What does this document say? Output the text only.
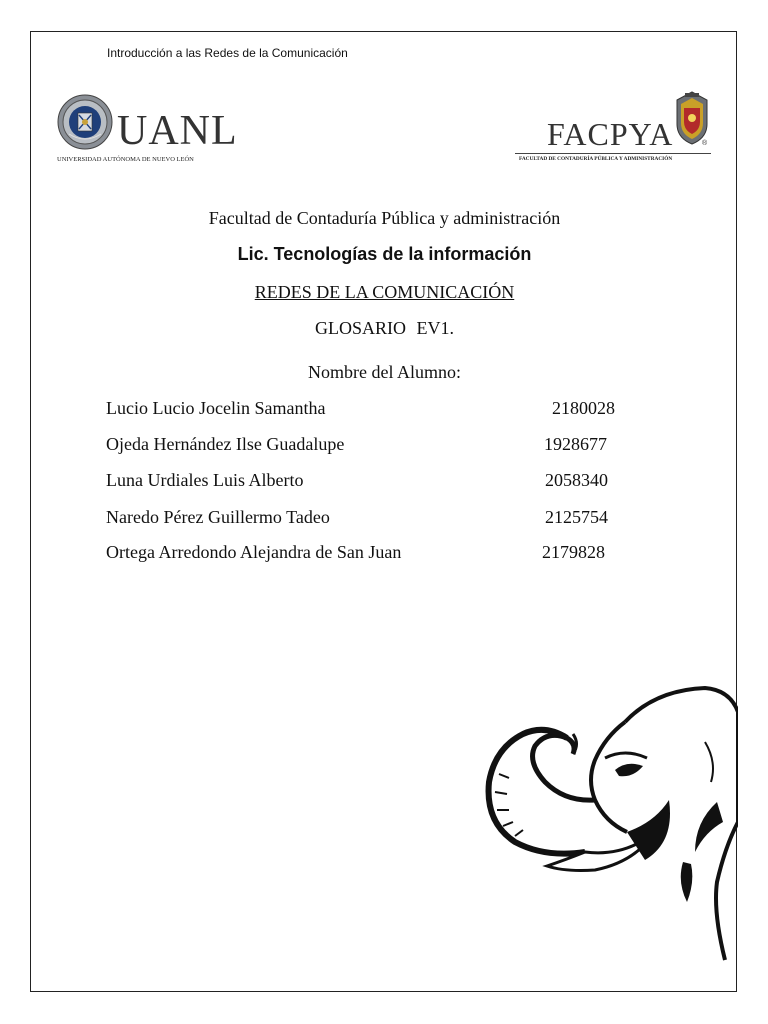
Introducción a las Redes de la Comunicación
UANL
UNIVERSIDAD AUTÓNOMA DE NUEVO LEÓN
FACPYA	®
FACULTAD DE CONTADURÍA PÚBLICA Y ADMINISTRACIÓN
Facultad de Contaduría Pública y administración
Lic. Tecnologías de la información
REDES DE LA COMUNICACIÓN
GLOSARIO EV1.
Nombre del Alumno:
Lucio Lucio Jocelin Samantha	2180028
Ojeda Hernández Ilse Guadalupe	1928677
Luna Urdiales Luis Alberto	2058340
Naredo Pérez Guillermo Tadeo	2125754
Ortega Arredondo Alejandra de San Juan	2179828
